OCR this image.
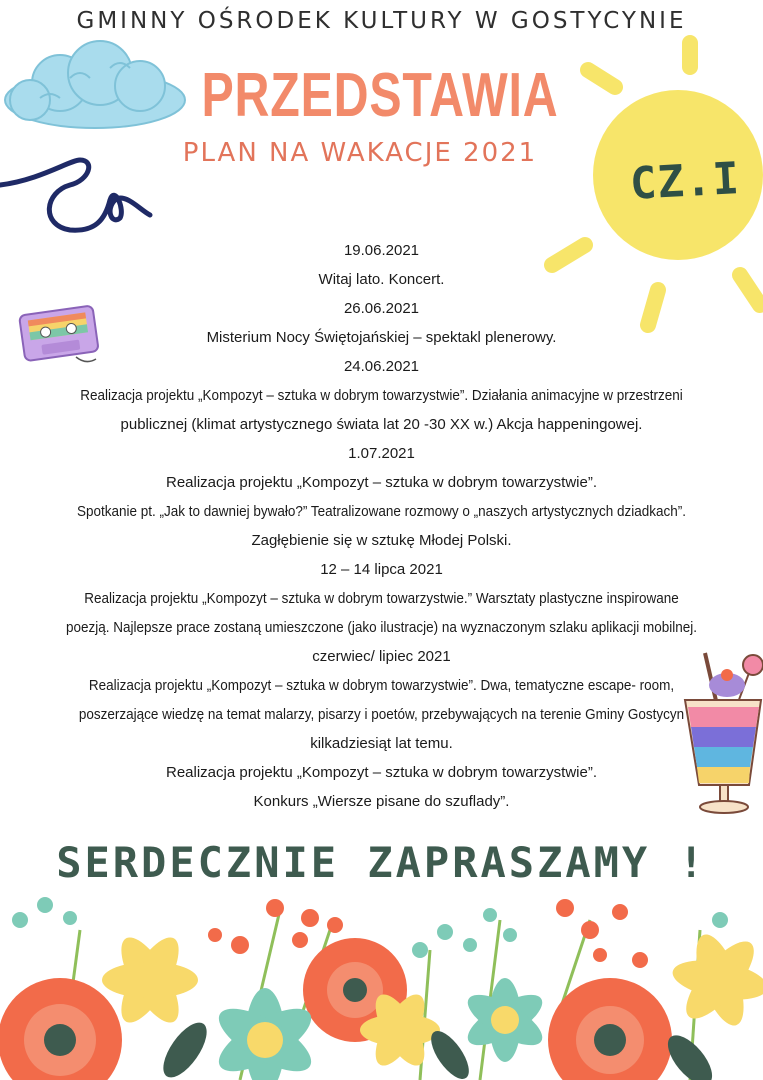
GMINNY OŚRODEK KULTURY W GOSTYCYNIE
PRZEDSTAWIA
PLAN NA WAKACJE 2021
CZ.I
19.06.2021
Witaj lato. Koncert.
26.06.2021
Misterium Nocy Świętojańskiej – spektakl plenerowy.
24.06.2021
Realizacja projektu „Kompozyt – sztuka w dobrym towarzystwie”. Działania animacyjne w przestrzeni
publicznej (klimat artystycznego świata lat 20 -30 XX w.) Akcja happeningowej.
1.07.2021
Realizacja projektu „Kompozyt – sztuka w dobrym towarzystwie”.
Spotkanie pt. „Jak to dawniej bywało?” Teatralizowane rozmowy o „naszych artystycznych dziadkach”.
Zagłębienie się w sztukę Młodej Polski.
12 – 14 lipca 2021
Realizacja projektu „Kompozyt – sztuka w dobrym towarzystwie.” Warsztaty plastyczne inspirowane
poezją. Najlepsze prace zostaną umieszczone (jako ilustracje) na wyznaczonym szlaku aplikacji mobilnej.
czerwiec/ lipiec 2021
Realizacja projektu „Kompozyt – sztuka w dobrym towarzystwie”. Dwa, tematyczne escape- room,
poszerzające wiedzę na temat malarzy, pisarzy i poetów, przebywających na terenie Gminy Gostycyn
kilkadziesiąt lat temu.
Realizacja projektu „Kompozyt – sztuka w dobrym towarzystwie”.
Konkurs „Wiersze pisane do szuflady”.
SERDECZNIE ZAPRASZAMY !
